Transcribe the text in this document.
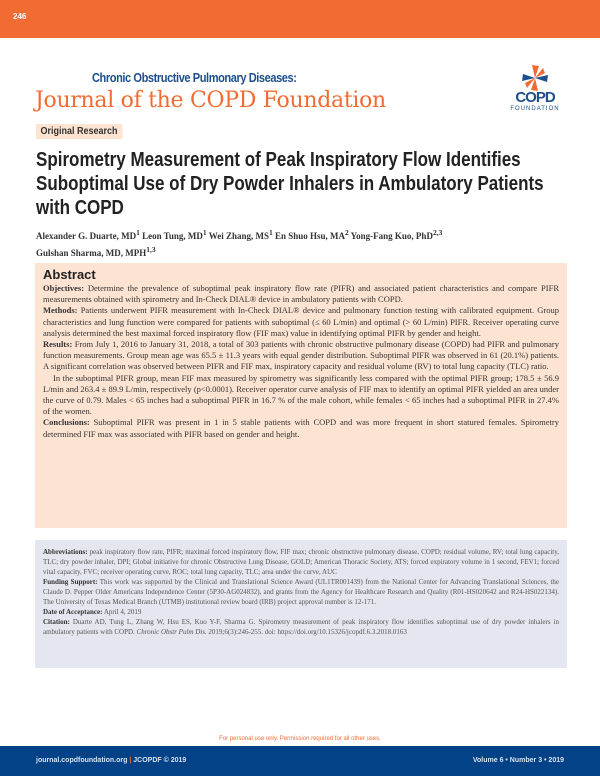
246
Chronic Obstructive Pulmonary Diseases:
Journal of the COPD Foundation	COPD
FOUNDATION
Original Research
Spirometry Measurement of Peak Inspiratory Flow Identifies
Suboptimal Use of Dry Powder Inhalers in Ambulatory Patients
with COPD
Alexander G. Duarte, $MD^1$ Leon Tung, $MD^1$ Wei Zhang, $MS^1$ En Shuo Hsu, $MA^2$ Yong-Fang Kuo, PhD$^{2,3}$
Gulshan Sharma, MD, MPH$^{1,3}$
Abstract

Objectives: Determine the prevalence of suboptimal peak inspiratory flow rate (PIFR) and associated patient characteristics and compare PIFR measurements obtained with spirometry and In-Check DIAL® device in ambulatory patients with COPD.

Methods: Patients underwent PIFR measurement with In-Check DIAL® device and pulmonary function testing with calibrated equipment. Group characteristics and lung function were compared for patients with suboptimal (≤ 60 L/min) and optimal (> 60 L/min) PIFR. Receiver operating curve analysis determined the best maximal forced inspiratory flow (FIF max) value in identifying optimal PIFR by gender and height.

Results: From July 1, 2016 to January 31, 2018, a total of 303 patients with chronic obstructive pulmonary disease (COPD) had PIFR and pulmonary function measurements. Group mean age was 65.5 ± 11.3 years with equal gender distribution. Suboptimal PIFR was observed in 61 (20.1%) patients. A significant correlation was observed between PIFR and FIF max, inspiratory capacity and residual volume (RV) to total lung capacity (TLC) ratio.

In the suboptimal PIFR group, mean FIF max measured by spirometry was significantly less compared with the optimal PIFR group; 178.5 ± 56.9 L/min and 263.4 ± 89.9 L/min, respectively (p<0.0001). Receiver operator curve analysis of FIF max to identify an optimal PIFR yielded an area under the curve of 0.79. Males < 65 inches had a suboptimal PIFR in 16.7 % of the male cohort, while females < 65 inches had a suboptimal PIFR in 27.4% of the women.

Conclusions: Suboptimal PIFR was present in 1 in 5 stable patients with COPD and was more frequent in short statured females. Spirometry determined FIF max was associated with PIFR based on gender and height.

Abbreviations: peak inspiratory flow rate, PIFR; maximal forced inspiratory flow, FIF max; chronic obstructive pulmonary disease, COPD; residual volume, RV; total lung capacity, TLC; dry powder inhaler, DPI; Global initiative for chronic Obstructive Lung Disease, GOLD; American Thoracic Society, ATS; forced expiratory volume in 1 second, FEV1; forced vital capacity, FVC; receiver operating curve, ROC; total lung capacity, TLC; area under the curve, AUC

Funding Support: This work was supported by the Clinical and Translational Science Award (UL1TR001439) from the National Center for Advancing Translational Sciences, the Claude D. Pepper Older Americans Independence Center (5P30-AG024832), and grants from the Agency for Healthcare Research and Quality (R01-HS020642 and R24-HS022134). The University of Texas Medical Branch (UTMB) institutional review board (IRB) project approval number is 12-171.

Date of Acceptance: April 4, 2019

Citation: Duarte AD, Tung L, Zhang W, Hsu ES, Kuo Y-F, Sharma G. Spirometry measurement of peak inspiratory flow identifies suboptimal use of dry powder inhalers in ambulatory patients with COPD. Chronic Obstr Pulm Dis. 2019;6(3):246-255. doi: https://doi.org/10.15326/jcopdf.6.3.2018.0163

For personal use only. Permission required for all other uses.
journal.copdfoundation.org | JCOPDF © 2019	Volume 6 • Number 3 • 2019
